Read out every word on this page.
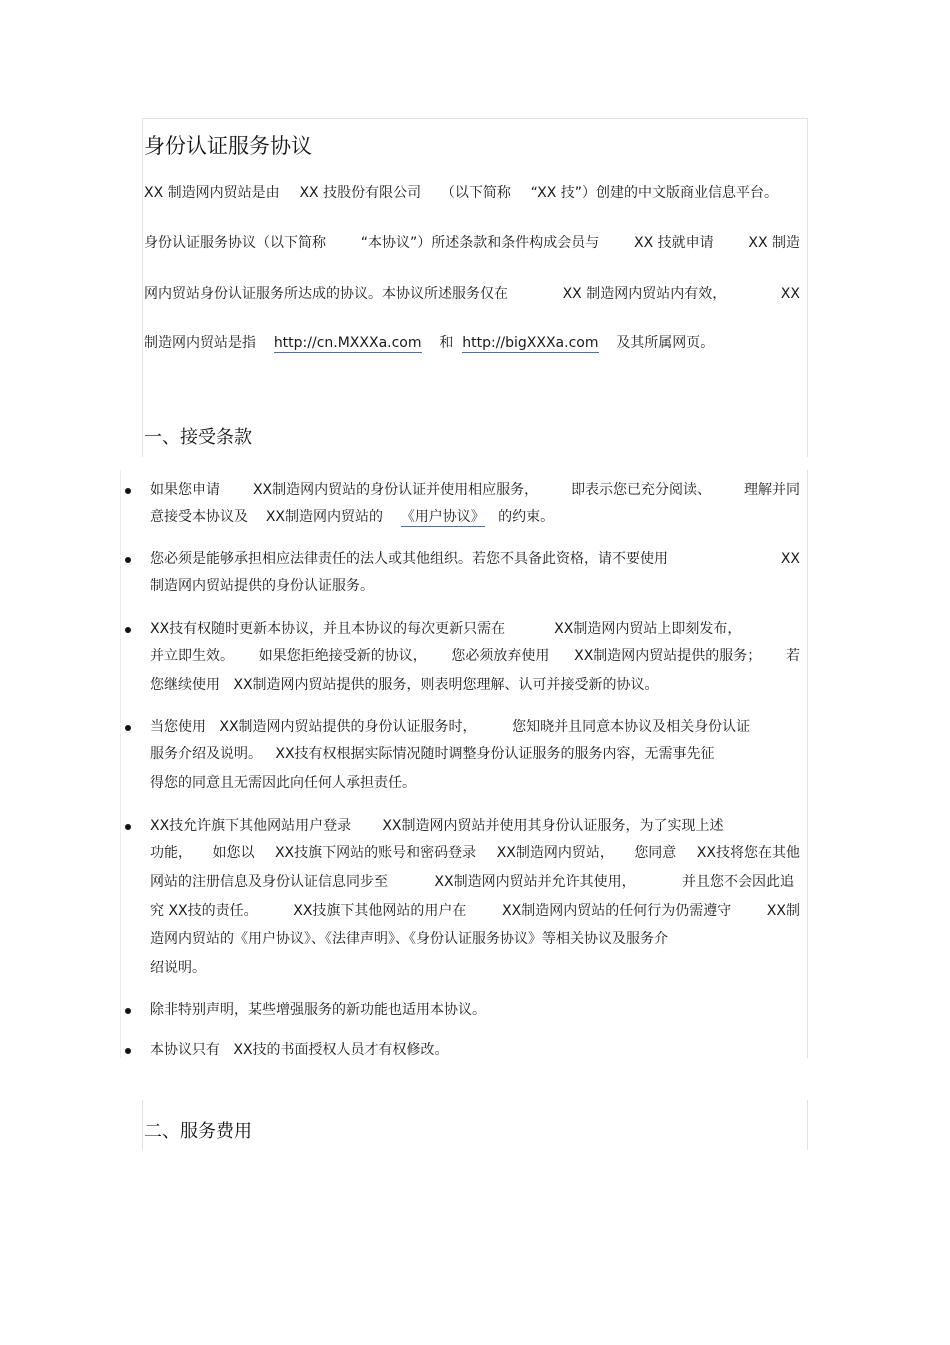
身份认证服务协议
XX 制造网内贸站是由 XX 技股份有限公司 （以下简称 “XX 技”）创建的中文版商业信息平台。
身份认证服务协议（以下简称 “本协议”）所述条款和条件构成会员与 XX 技就申请 XX 制造
网内贸站身份认证服务所达成的协议。本协议所述服务仅在	XX 制造网内贸站内有效，	XX
制造网内贸站是指 http://cn.MXXXa.com 和 http://bigXXXa.com 及其所属网页。
一、接受条款
如果您申请 XX制造网内贸站的身份认证并使用相应服务， 即表示您已充分阅读、 理解并同
意接受本协议及 XX制造网内贸站的 《用户协议》 的约束。
您必须是能够承担相应法律责任的法人或其他组织。若您不具备此资格，请不要使用	XX
制造网内贸站提供的身份认证服务。
XX技有权随时更新本协议，并且本协议的每次更新只需在	XX制造网内贸站上即刻发布，
并立即生效。 如果您拒绝接受新的协议， 您必须放弃使用 XX制造网内贸站提供的服务； 若
您继续使用   XX制造网内贸站提供的服务，则表明您理解、认可并接受新的协议。
当您使用 XX制造网内贸站提供的身份认证服务时，	您知晓并且同意本协议及相关身份认证
服务介绍及说明。   XX技有权根据实际情况随时调整身份认证服务的服务内容，无需事先征
得您的同意且无需因此向任何人承担责任。
XX技允许旗下其他网站用户登录 XX制造网内贸站并使用其身份认证服务，为了实现上述
功能， 如您以 XX技旗下网站的账号和密码登录 XX制造网内贸站， 您同意 XX技将您在其他
网站的注册信息及身份认证信息同步至	XX制造网内贸站并允许其使用，	并且您不会因此追
究 XX技的责任。	XX技旗下其他网站的用户在	XX制造网内贸站的任何行为仍需遵守	XX制
造网内贸站的《用户协议》、《法律声明》、《身份认证服务协议》等相关协议及服务介
绍说明。
除非特别声明，某些增强服务的新功能也适用本协议。
本协议只有   XX技的书面授权人员才有权修改。
二、服务费用
